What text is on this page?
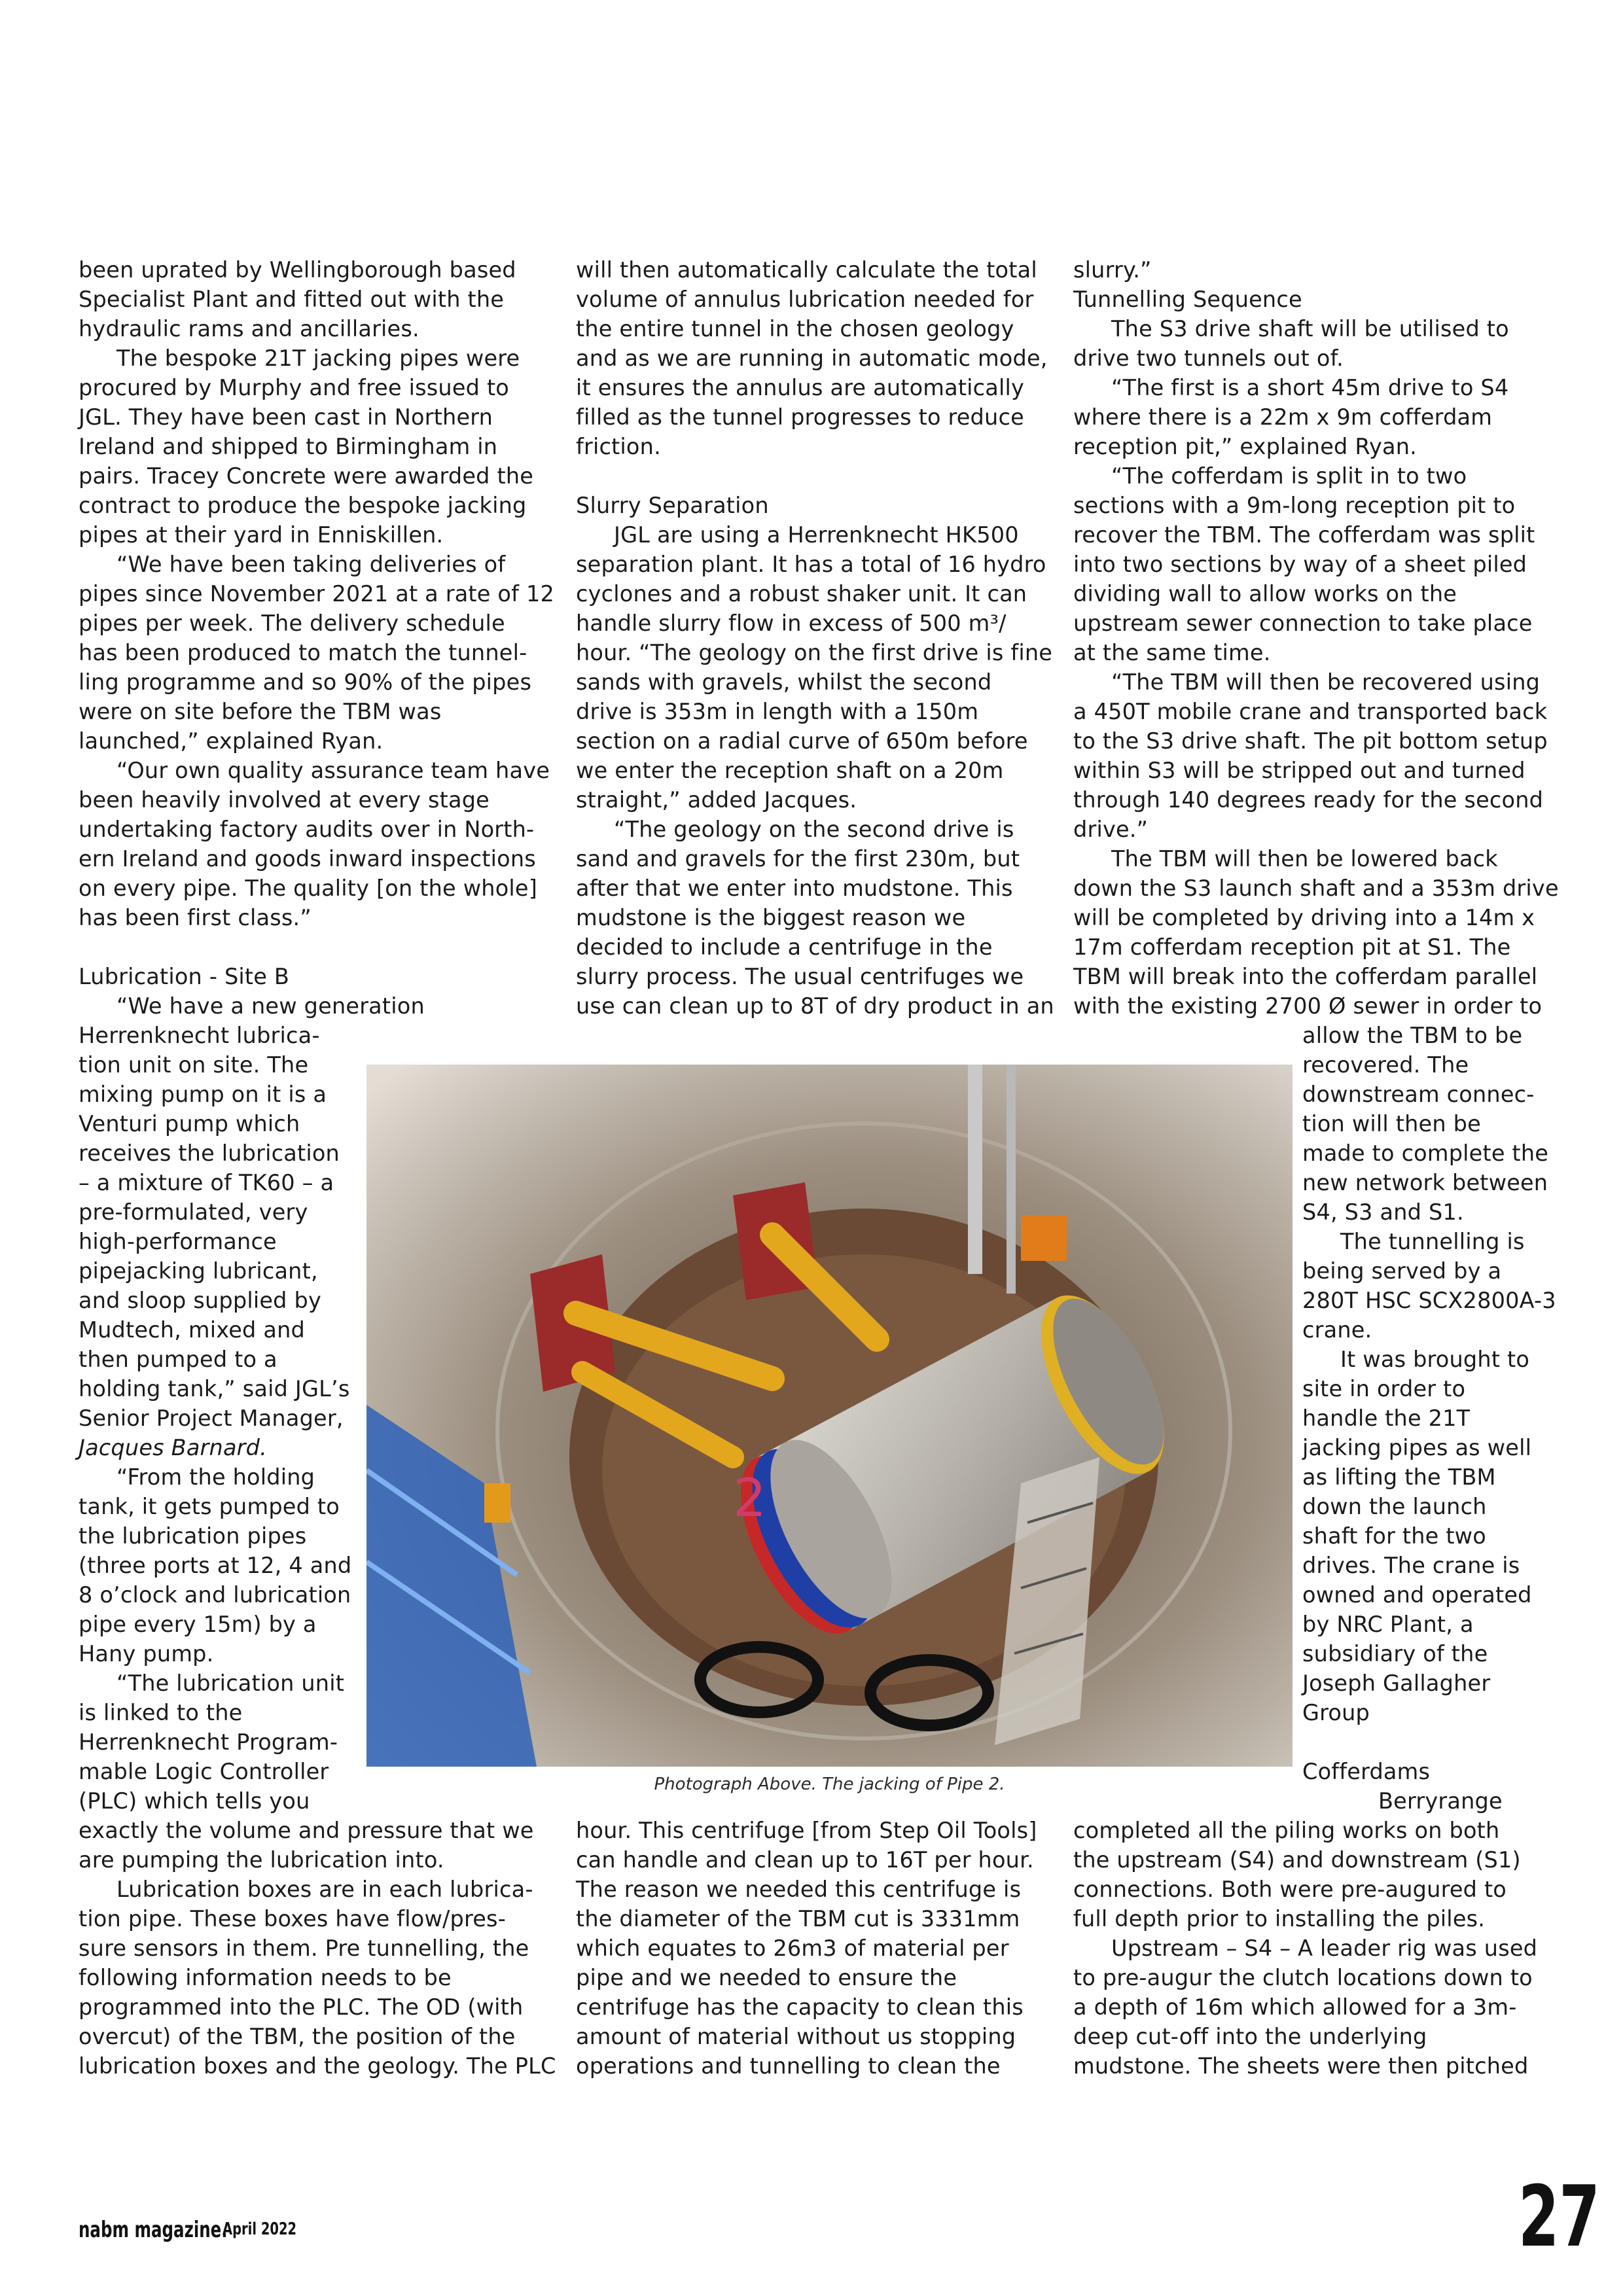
been uprated by Wellingborough based
Specialist Plant and fitted out with the
hydraulic rams and ancillaries.
The bespoke 21T jacking pipes were
procured by Murphy and free issued to
JGL. They have been cast in Northern
Ireland and shipped to Birmingham in
pairs. Tracey Concrete were awarded the
contract to produce the bespoke jacking
pipes at their yard in Enniskillen.
“We have been taking deliveries of
pipes since November 2021 at a rate of 12
pipes per week. The delivery schedule
has been produced to match the tunnel-
ling programme and so 90% of the pipes
were on site before the TBM was
launched,” explained Ryan.
“Our own quality assurance team have
been heavily involved at every stage
undertaking factory audits over in North-
ern Ireland and goods inward inspections
on every pipe. The quality [on the whole]
has been first class.”
Lubrication - Site B
“We have a new generation
Herrenknecht lubrica-
tion unit on site. The
mixing pump on it is a
Venturi pump which
receives the lubrication
– a mixture of TK60 – a
pre-formulated, very
high-performance
pipejacking lubricant,
and sloop supplied by
Mudtech, mixed and
then pumped to a
holding tank,” said JGL’s
Senior Project Manager,
Jacques Barnard.
“From the holding
tank, it gets pumped to
the lubrication pipes
(three ports at 12, 4 and
8 o’clock and lubrication
pipe every 15m) by a
Hany pump.
“The lubrication unit
is linked to the
Herrenknecht Program-
mable Logic Controller
(PLC) which tells you
exactly the volume and pressure that we
are pumping the lubrication into.
Lubrication boxes are in each lubrica-
tion pipe. These boxes have flow/pres-
sure sensors in them. Pre tunnelling, the
following information needs to be
programmed into the PLC. The OD (with
overcut) of the TBM, the position of the
lubrication boxes and the geology. The PLC
will then automatically calculate the total
volume of annulus lubrication needed for
the entire tunnel in the chosen geology
and as we are running in automatic mode,
it ensures the annulus are automatically
filled as the tunnel progresses to reduce
friction.
Slurry Separation
JGL are using a Herrenknecht HK500
separation plant. It has a total of 16 hydro
cyclones and a robust shaker unit. It can
handle slurry flow in excess of 500 m³/
hour. “The geology on the first drive is fine
sands with gravels, whilst the second
drive is 353m in length with a 150m
section on a radial curve of 650m before
we enter the reception shaft on a 20m
straight,” added Jacques.
“The geology on the second drive is
sand and gravels for the first 230m, but
after that we enter into mudstone. This
mudstone is the biggest reason we
decided to include a centrifuge in the
slurry process. The usual centrifuges we
use can clean up to 8T of dry product in an
hour. This centrifuge [from Step Oil Tools]
can handle and clean up to 16T per hour.
The reason we needed this centrifuge is
the diameter of the TBM cut is 3331mm
which equates to 26m3 of material per
pipe and we needed to ensure the
centrifuge has the capacity to clean this
amount of material without us stopping
operations and tunnelling to clean the
slurry.”
Tunnelling Sequence
The S3 drive shaft will be utilised to
drive two tunnels out of.
“The first is a short 45m drive to S4
where there is a 22m x 9m cofferdam
reception pit,” explained Ryan.
“The cofferdam is split in to two
sections with a 9m-long reception pit to
recover the TBM. The cofferdam was split
into two sections by way of a sheet piled
dividing wall to allow works on the
upstream sewer connection to take place
at the same time.
“The TBM will then be recovered using
a 450T mobile crane and transported back
to the S3 drive shaft. The pit bottom setup
within S3 will be stripped out and turned
through 140 degrees ready for the second
drive.”
The TBM will then be lowered back
down the S3 launch shaft and a 353m drive
will be completed by driving into a 14m x
17m cofferdam reception pit at S1. The
TBM will break into the cofferdam parallel
with the existing 2700 Ø sewer in order to
allow the TBM to be
recovered. The
downstream connec-
tion will then be
made to complete the
new network between
S4, S3 and S1.
The tunnelling is
being served by a
280T HSC SCX2800A-3
crane.
It was brought to
site in order to
handle the 21T
jacking pipes as well
as lifting the TBM
down the launch
shaft for the two
drives. The crane is
owned and operated
by NRC Plant, a
subsidiary of the
Joseph Gallagher
Group
Cofferdams
Berryrange
completed all the piling works on both
the upstream (S4) and downstream (S1)
connections. Both were pre-augured to
full depth prior to installing the piles.
Upstream – S4 – A leader rig was used
to pre-augur the clutch locations down to
a depth of 16m which allowed for a 3m-
deep cut-off into the underlying
mudstone. The sheets were then pitched
2
Photograph Above. The jacking of Pipe 2.
nabm magazine.
April 2022	27
